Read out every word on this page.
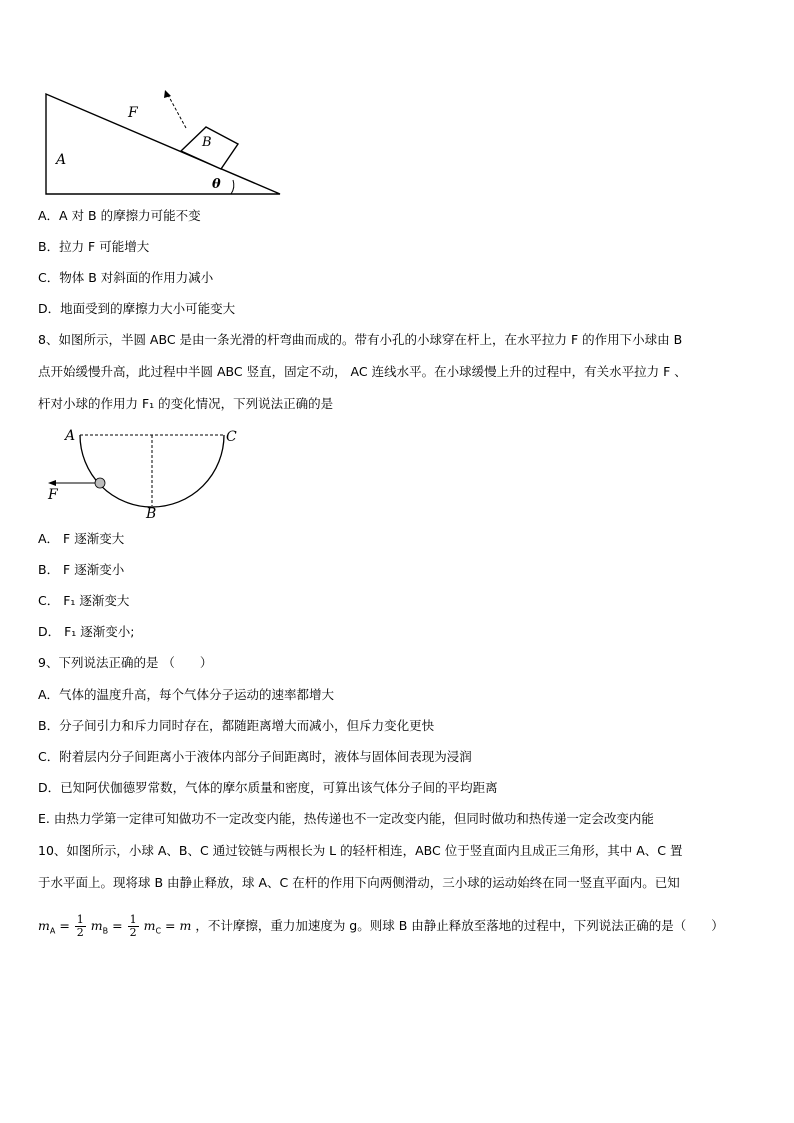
F
B
A
θ
A．A 对 B 的摩擦力可能不变
B．拉力 F 可能增大
C．物体 B 对斜面的作用力减小
D．地面受到的摩擦力大小可能变大
8、如图所示，半圆 ABC 是由一条光滑的杆弯曲而成的。带有小孔的小球穿在杆上，在水平拉力 F 的作用下小球由 B
点开始缓慢升高，此过程中半圆 ABC 竖直，固定不动， AC 连线水平。在小球缓慢上升的过程中，有关水平拉力 F 、
杆对小球的作用力 F₁ 的变化情况，下列说法正确的是
A	C
B
F
A． F 逐渐变大
B． F 逐渐变小
C． F₁ 逐渐变大
D． F₁ 逐渐变小;
9、下列说法正确的是 （　　）
A．气体的温度升高，每个气体分子运动的速率都增大
B．分子间引力和斥力同时存在，都随距离增大而减小，但斥力变化更快
C．附着层内分子间距离小于液体内部分子间距离时，液体与固体间表现为浸润
D．已知阿伏伽德罗常数，气体的摩尔质量和密度，可算出该气体分子间的平均距离
E. 由热力学第一定律可知做功不一定改变内能，热传递也不一定改变内能，但同时做功和热传递一定会改变内能
10、如图所示，小球 A、B、C 通过铰链与两根长为 L 的轻杆相连，ABC 位于竖直面内且成正三角形，其中 A、C 置
于水平面上。现将球 B 由静止释放，球 A、C 在杆的作用下向两侧滑动，三小球的运动始终在同一竖直平面内。已知
$m_A = \frac{1}{2} m_B = \frac{1}{2} m_C = m$ ，不计摩擦，重力加速度为 g。则球 B 由静止释放至落地的过程中，下列说法正确的是（　　）
